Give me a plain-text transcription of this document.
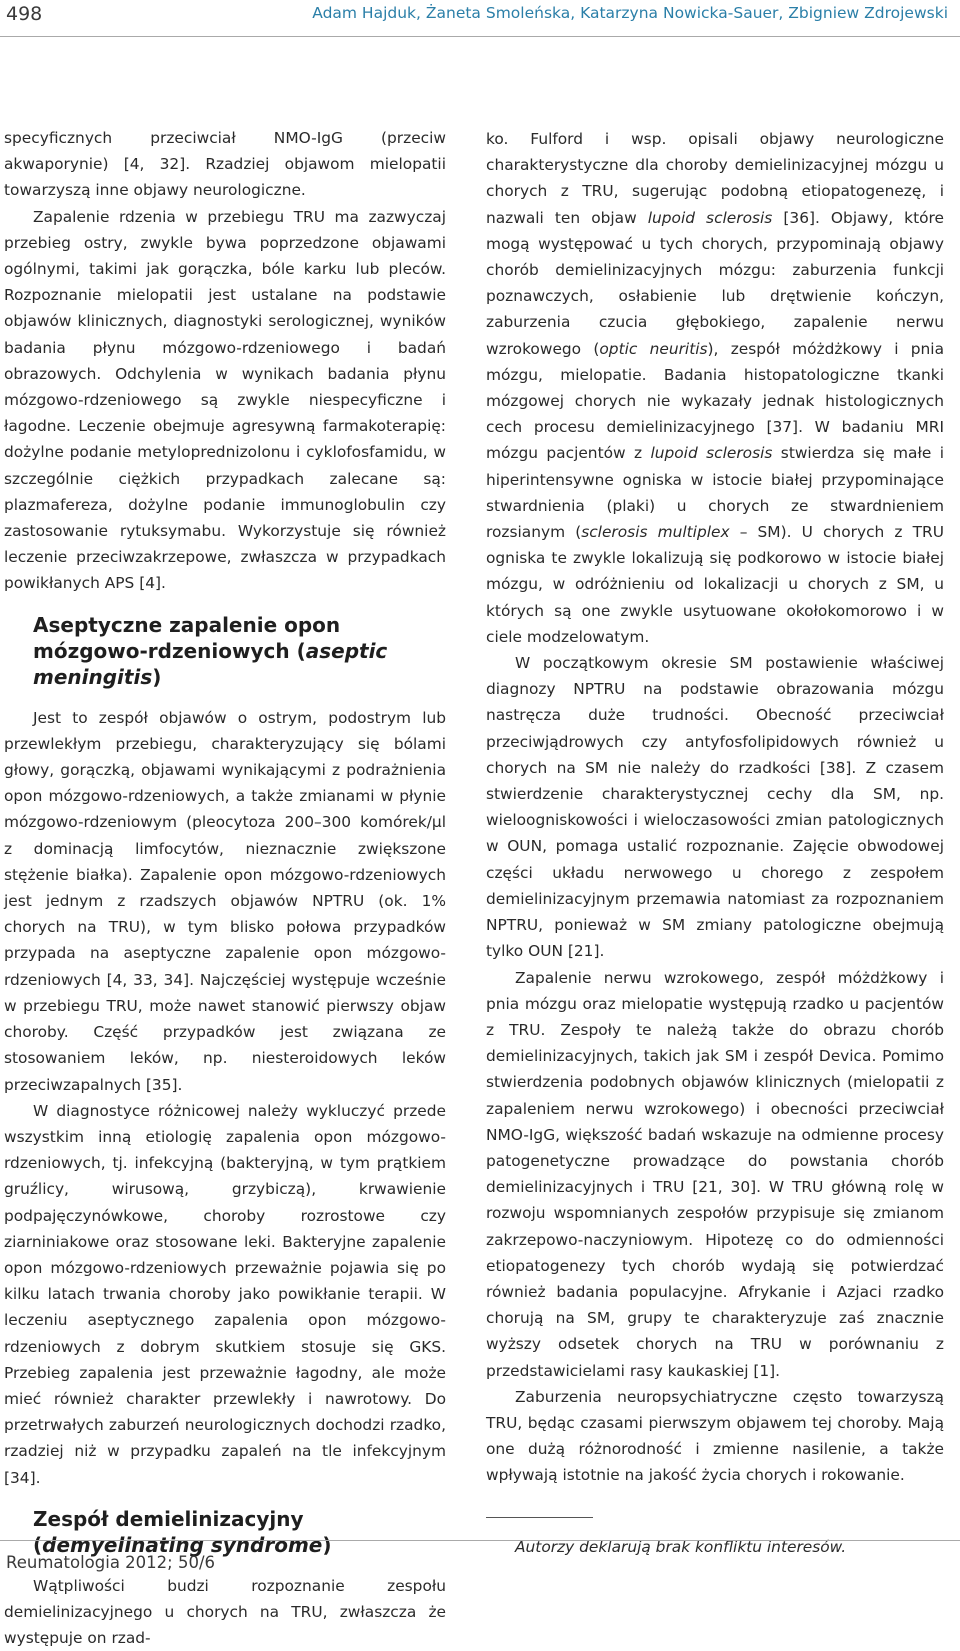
498	Adam Hajduk, Żaneta Smoleńska, Katarzyna Nowicka-Sauer, Zbigniew Zdrojewski

specyficznych przeciwciał NMO-IgG (przeciw akwaporynie) [4, 32]. Rzadziej objawom mielopatii towarzyszą inne objawy neurologiczne.

Zapalenie rdzenia w przebiegu TRU ma zazwyczaj przebieg ostry, zwykle bywa poprzedzone objawami ogólnymi, takimi jak gorączka, bóle karku lub pleców. Rozpoznanie mielopatii jest ustalane na podstawie objawów klinicznych, diagnostyki serologicznej, wyników badania płynu mózgowo-rdzeniowego i badań obrazowych. Odchylenia w wynikach badania płynu mózgowo-rdzeniowego są zwykle niespecyficzne i łagodne. Leczenie obejmuje agresywną farmakoterapię: dożylne podanie metyloprednizolonu i cyklofosfamidu, w szczególnie ciężkich przypadkach zalecane są: plazmafereza, dożylne podanie immunoglobulin czy zastosowanie rytuksymabu. Wykorzystuje się również leczenie przeciwzakrzepowe, zwłaszcza w przypadkach powikłanych APS [4].

Aseptyczne zapalenie opon mózgowo-rdzeniowych (aseptic meningitis)

Jest to zespół objawów o ostrym, podostrym lub przewlekłym przebiegu, charakteryzujący się bólami głowy, gorączką, objawami wynikającymi z podrażnienia opon mózgowo-rdzeniowych, a także zmianami w płynie mózgowo-rdzeniowym (pleocytoza 200–300 komórek/μl z dominacją limfocytów, nieznacznie zwiększone stężenie białka). Zapalenie opon mózgowo-rdzeniowych jest jednym z rzadszych objawów NPTRU (ok. 1% chorych na TRU), w tym blisko połowa przypadków przypada na aseptyczne zapalenie opon mózgowo-rdzeniowych [4, 33, 34]. Najczęściej występuje wcześnie w przebiegu TRU, może nawet stanowić pierwszy objaw choroby. Część przypadków jest związana ze stosowaniem leków, np. niesteroidowych leków przeciwzapalnych [35].

W diagnostyce różnicowej należy wykluczyć przede wszystkim inną etiologię zapalenia opon mózgowo-rdzeniowych, tj. infekcyjną (bakteryjną, w tym prątkiem gruźlicy, wirusową, grzybiczą), krwawienie podpajęczynówkowe, choroby rozrostowe czy ziarniniakowe oraz stosowane leki. Bakteryjne zapalenie opon mózgowo-rdzeniowych przeważnie pojawia się po kilku latach trwania choroby jako powikłanie terapii. W leczeniu aseptycznego zapalenia opon mózgowo-rdzeniowych z dobrym skutkiem stosuje się GKS. Przebieg zapalenia jest przeważnie łagodny, ale może mieć również charakter przewlekły i nawrotowy. Do przetrwałych zaburzeń neurologicznych dochodzi rzadko, rzadziej niż w przypadku zapaleń na tle infekcyjnym [34].

Zespół demielinizacyjny
(demyelinating syndrome)

Wątpliwości budzi rozpoznanie zespołu demielinizacyjnego u chorych na TRU, zwłaszcza że występuje on rzad-

ko. Fulford i wsp. opisali objawy neurologiczne charakterystyczne dla choroby demielinizacyjnej mózgu u chorych z TRU, sugerując podobną etiopatogenezę, i nazwali ten objaw lupoid sclerosis [36]. Objawy, które mogą występować u tych chorych, przypominają objawy chorób demielinizacyjnych mózgu: zaburzenia funkcji poznawczych, osłabienie lub drętwienie kończyn, zaburzenia czucia głębokiego, zapalenie nerwu wzrokowego (optic neuritis), zespół móżdżkowy i pnia mózgu, mielopatie. Badania histopatologiczne tkanki mózgowej chorych nie wykazały jednak histologicznych cech procesu demielinizacyjnego [37]. W badaniu MRI mózgu pacjentów z lupoid sclerosis stwierdza się małe i hiperintensywne ogniska w istocie białej przypominające stwardnienia (plaki) u chorych ze stwardnieniem rozsianym (sclerosis multiplex – SM). U chorych z TRU ogniska te zwykle lokalizują się podkorowo w istocie białej mózgu, w odróżnieniu od lokalizacji u chorych z SM, u których są one zwykle usytuowane okołokomorowo i w ciele modzelowatym.

W początkowym okresie SM postawienie właściwej diagnozy NPTRU na podstawie obrazowania mózgu nastręcza duże trudności. Obecność przeciwciał przeciwjądrowych czy antyfosfolipidowych również u chorych na SM nie należy do rzadkości [38]. Z czasem stwierdzenie charakterystycznej cechy dla SM, np. wieloogniskowości i wieloczasowości zmian patologicznych w OUN, pomaga ustalić rozpoznanie. Zajęcie obwodowej części układu nerwowego u chorego z zespołem demielinizacyjnym przemawia natomiast za rozpoznaniem NPTRU, ponieważ w SM zmiany patologiczne obejmują tylko OUN [21].

Zapalenie nerwu wzrokowego, zespół móżdżkowy i pnia mózgu oraz mielopatie występują rzadko u pacjentów z TRU. Zespoły te należą także do obrazu chorób demielinizacyjnych, takich jak SM i zespół Devica. Pomimo stwierdzenia podobnych objawów klinicznych (mielopatii z zapaleniem nerwu wzrokowego) i obecności przeciwciał NMO-IgG, większość badań wskazuje na odmienne procesy patogenetyczne prowadzące do powstania chorób demielinizacyjnych i TRU [21, 30]. W TRU główną rolę w rozwoju wspomnianych zespołów przypisuje się zmianom zakrzepowo-naczyniowym. Hipotezę co do odmienności etiopatogenezy tych chorób wydają się potwierdzać również badania populacyjne. Afrykanie i Azjaci rzadko chorują na SM, grupy te charakteryzuje zaś znacznie wyższy odsetek chorych na TRU w porównaniu z przedstawicielami rasy kaukaskiej [1].

Zaburzenia neuropsychiatryczne często towarzyszą TRU, będąc czasami pierwszym objawem tej choroby. Mają one dużą różnorodność i zmienne nasilenie, a także wpływają istotnie na jakość życia chorych i rokowanie.

Autorzy deklarują brak konfliktu interesów.
Reumatologia 2012; 50/6
